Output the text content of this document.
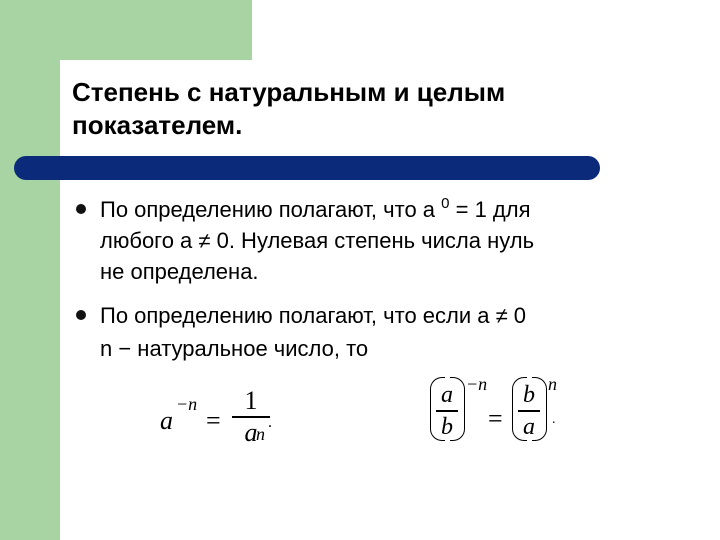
Степень с натуральным и целым
показателем.
По определению полагают, что a $^0$ = 1 для
любого a ≠ 0. Нулевая степень числа нуль
не определена.
По определению полагают, что если a ≠ 0
n − натуральное число, то
a
−n
=
1
a
n
.
a
b
−n
=
b
a
n
.
